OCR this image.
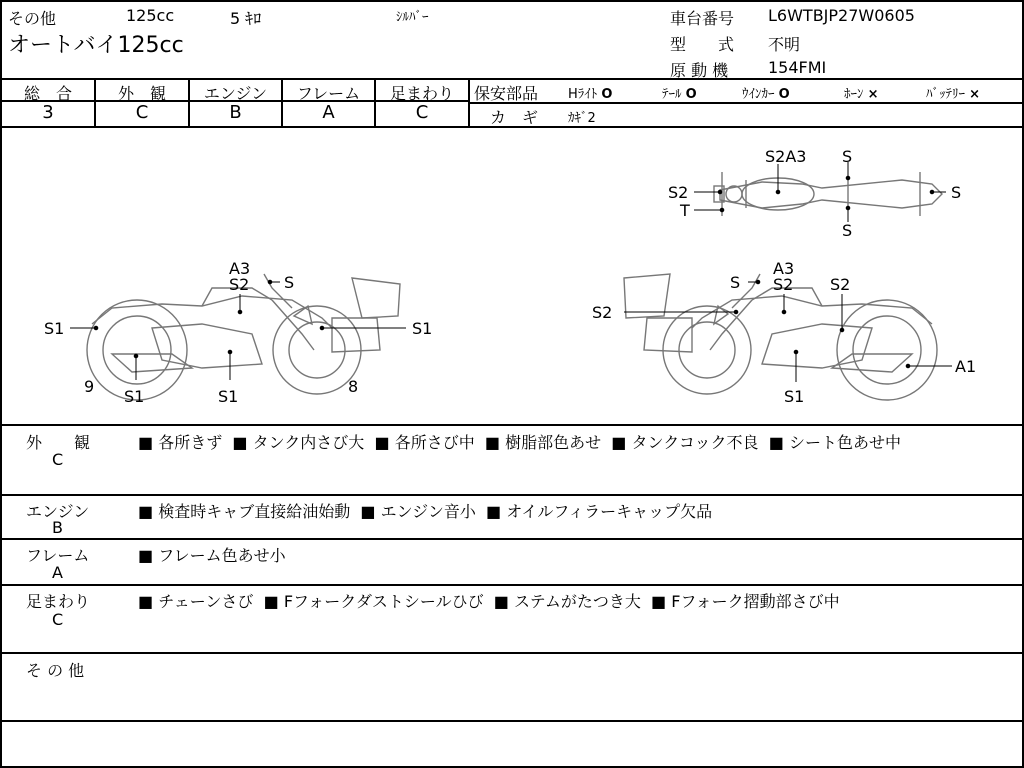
その他	125cc	5 ｷﾛ	ｼﾙﾊﾞｰ
オートバイ125cc
車台番号 L6WTBJP27W0605
型　　式 不明
原 動 機 154FMI
総　合	外　観	エンジン	フレーム	足まわり
3	C	B	A	C
保安部品 Hﾗｲﾄ O	ﾃｰﾙ O	ｳｲﾝｶｰ O	ﾎｰﾝ ×	ﾊﾞｯﾃﾘｰ ×
カ　ギ ｶｷﾞ2
S2A3 S
S2
T
S
S
A3
S2 S
S1	S1
9
S1	S1
8
S
A3
S2 S2
S2
A1
S1
外　　観
C
■ 各所きず ■ タンク内さび大 ■ 各所さび中 ■ 樹脂部色あせ ■ タンクコック不良 ■ シート色あせ中
エンジン
B
■ 検査時キャブ直接給油始動 ■ エンジン音小 ■ オイルフィラーキャップ欠品
フレーム
A
■ フレーム色あせ小
足まわり
C
■ チェーンさび ■ Fフォークダストシールひび ■ ステムがたつき大 ■ Fフォーク摺動部さび中
そ の 他
